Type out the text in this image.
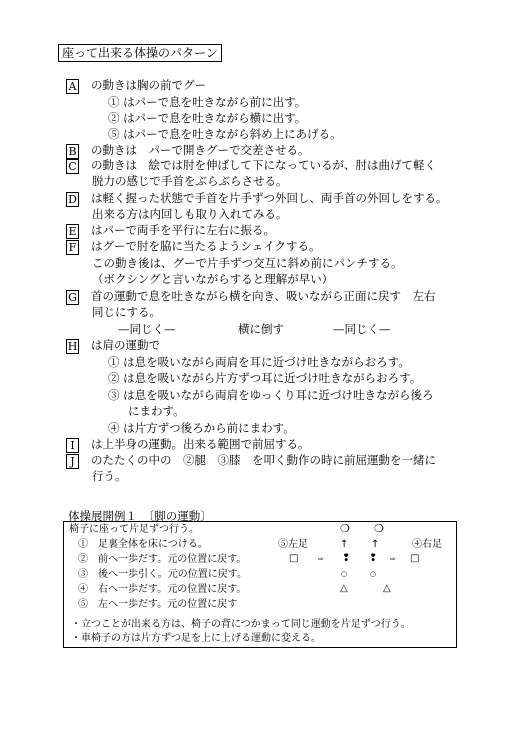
座って出来る体操のパターン
A の動きは胸の前でグー
① はパーで息を吐きながら前に出す。
② はパーで息を吐きながら横に出す。
⑤ はパーで息を吐きながら斜め上にあげる。
B の動きは　パーで開きグーで交差させる。
C の動きは　絵では肘を伸ばして下になっているが、肘は曲げて軽く
脱力の感じで手首をぶらぶらさせる。
D は軽く握った状態で手首を片手ずつ外回し、両手首の外回しをする。
出来る方は内回しも取り入れてみる。
E はパーで両手を平行に左右に振る。
F はグーで肘を脇に当たるようシェイクする。
この動き後は、グーで片手ずつ交互に斜め前にパンチする。
（ボクシングと言いながらすると理解が早い）
G 首の運動で息を吐きながら横を向き、吸いながら正面に戻す　左右
同じにする。
—同じく—	横に倒す	—同じく—
H は肩の運動で
① は息を吸いながら両肩を耳に近づけ吐きながらおろす。
② は息を吸いながら片方ずつ耳に近づけ吐きながらおろす。
③ は息を吸いながら両肩をゆっくり耳に近づけ吐きながら後ろ
にまわす。
④ は片方ずつ後ろから前にまわす。
I は上半身の運動。出来る範囲で前屈する。
J のたたくの中の　②腿　③膝　を叩く動作の時に前屈運動を一緒に
行う。
体操展開例１　〔脚の運動〕
椅子に座って片足ずつ行う。
①　足裏全体を床につける。
②　前へ一歩だす。元の位置に戻す。
③　後へ一歩引く。元の位置に戻す。
④　右へ一歩だす。元の位置に戻す。
⑤　左へ一歩だす。元の位置に戻す
⑤左足	④右足
❍ ❍
↑ ↑
□	⇨ ❢ ❢ ⇨ □
○	○
△	△
・立つことが出来る方は、椅子の背につかまって同じ運動を片足ずつ行う。
・車椅子の方は片方ずつ足を上に上げる運動に変える。
